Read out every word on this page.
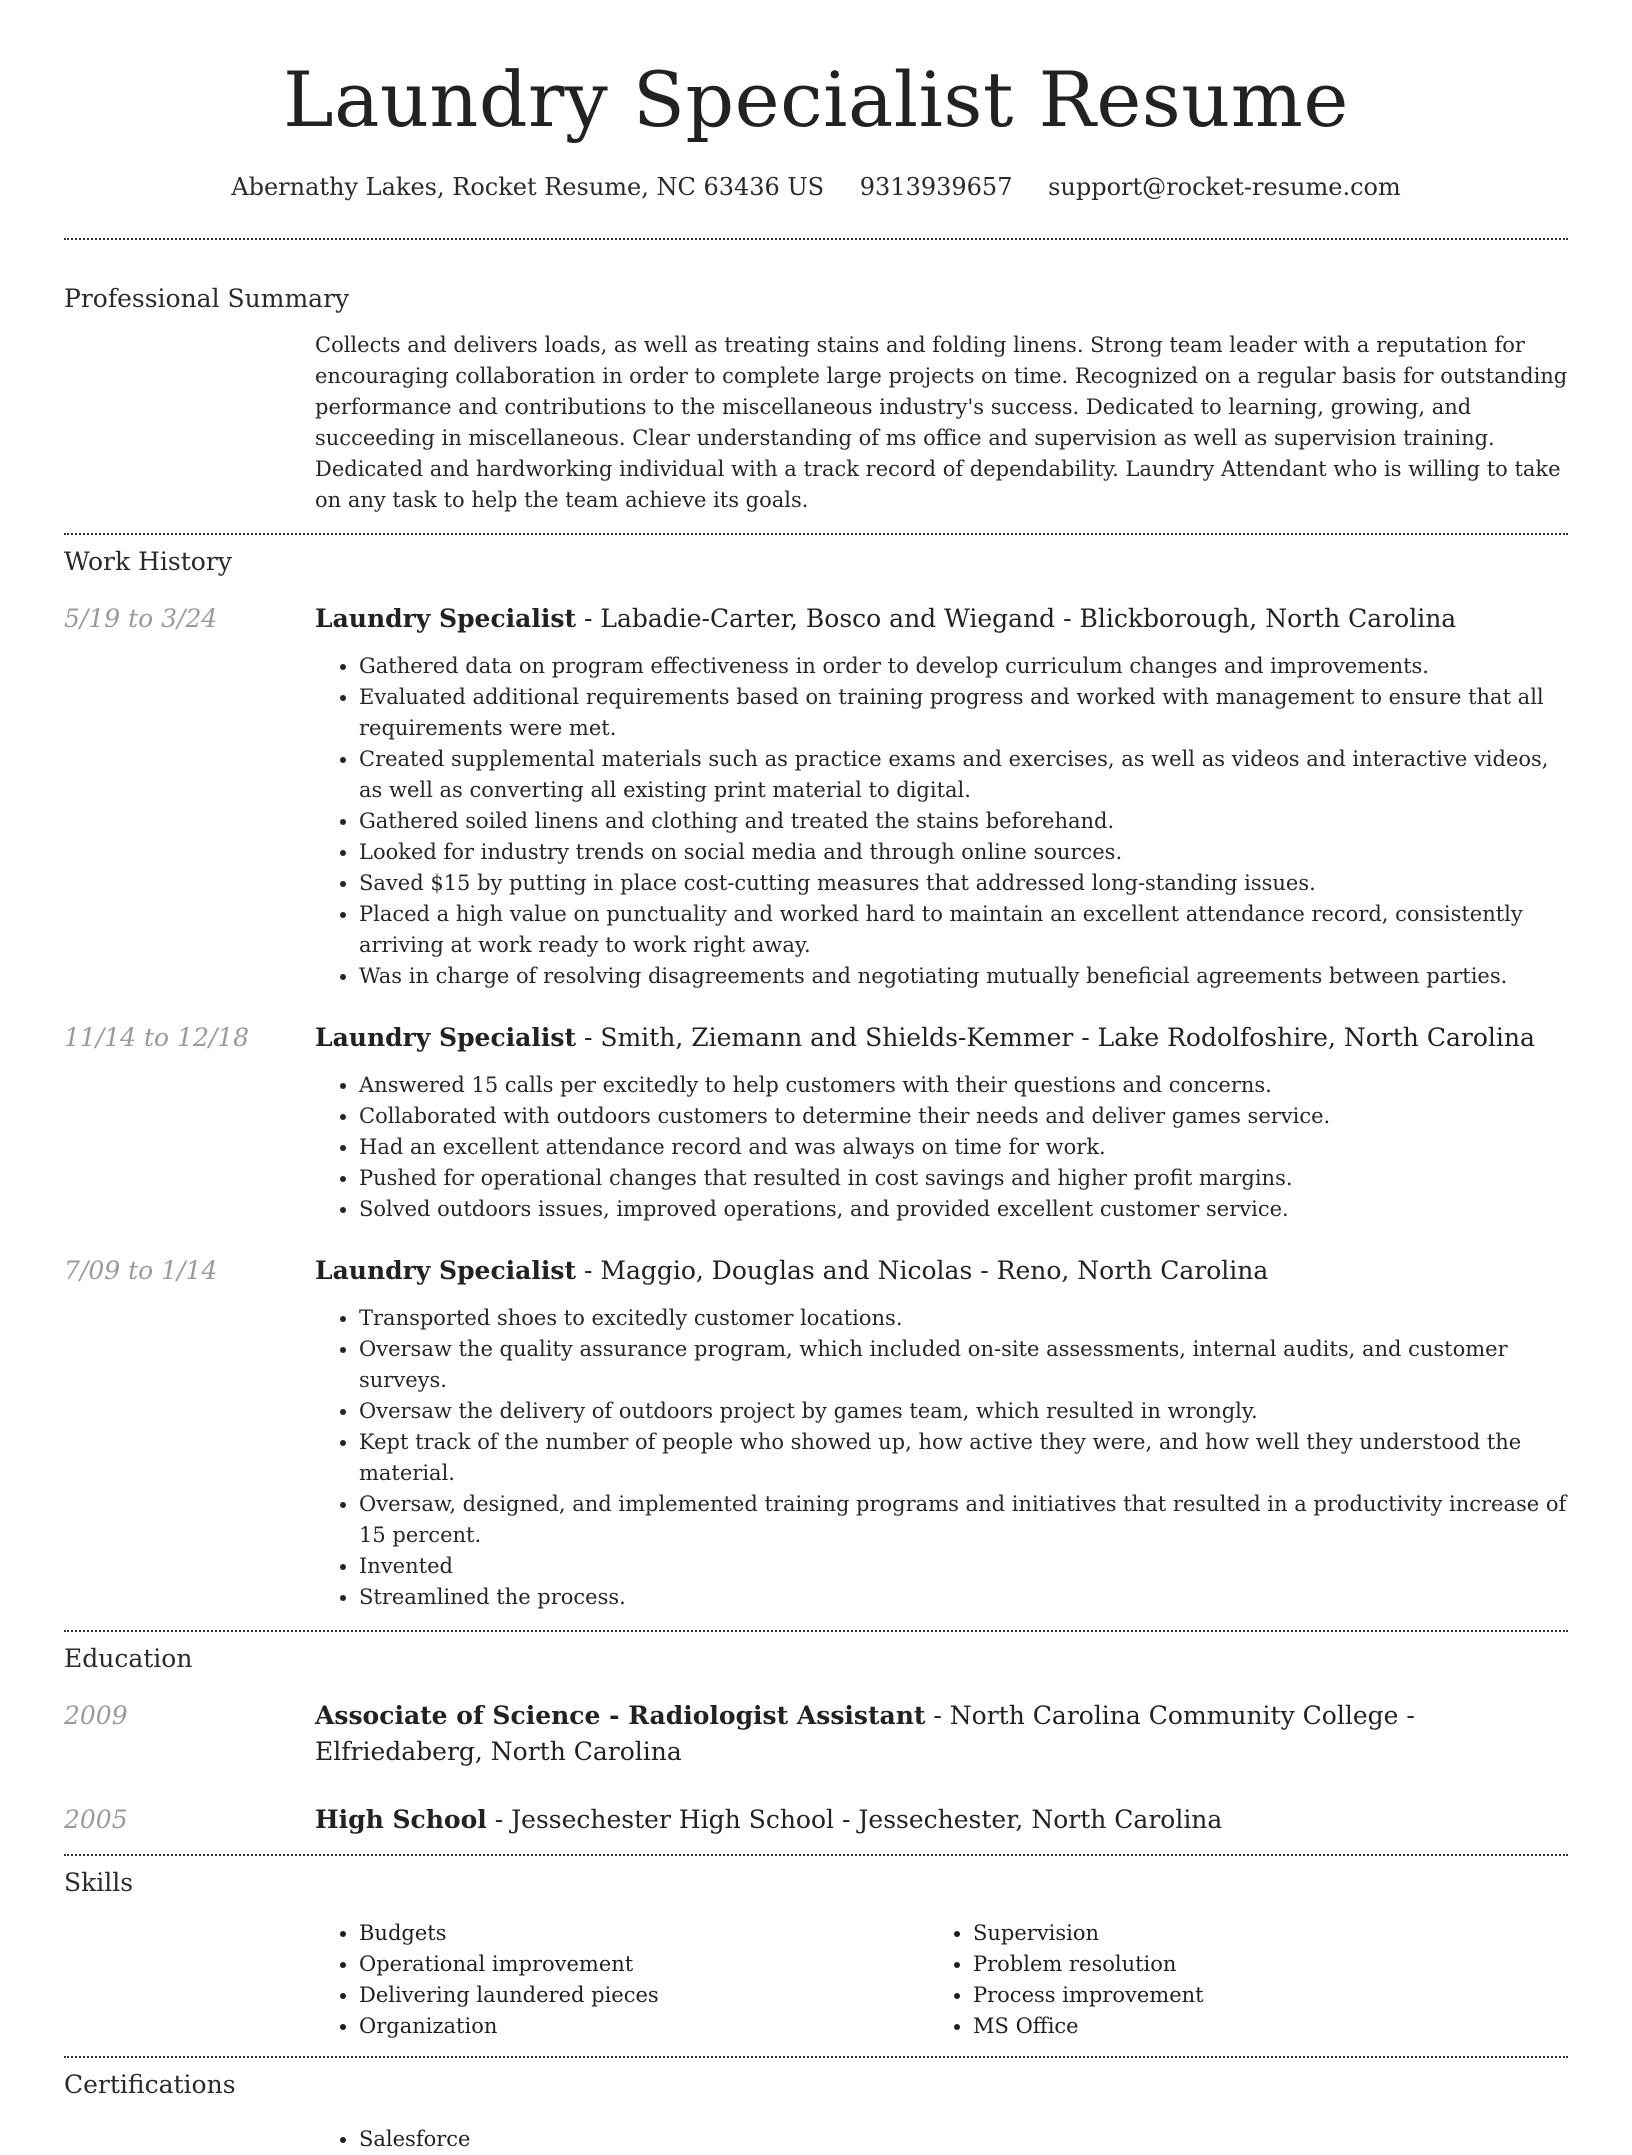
Laundry Specialist Resume
Abernathy Lakes, Rocket Resume, NC 63436 US 9313939657 support@rocket-resume.com
Professional Summary
Collects and delivers loads, as well as treating stains and folding linens. Strong team leader with a reputation for encouraging collaboration in order to complete large projects on time. Recognized on a regular basis for outstanding performance and contributions to the miscellaneous industry's success. Dedicated to learning, growing, and succeeding in miscellaneous. Clear understanding of ms office and supervision as well as supervision training. Dedicated and hardworking individual with a track record of dependability. Laundry Attendant who is willing to take on any task to help the team achieve its goals.
Work History
5/19 to 3/24	Laundry Specialist - Labadie-Carter, Bosco and Wiegand - Blickborough, North Carolina
• Gathered data on program effectiveness in order to develop curriculum changes and improvements.
• Evaluated additional requirements based on training progress and worked with management to ensure that all requirements were met.
• Created supplemental materials such as practice exams and exercises, as well as videos and interactive videos, as well as converting all existing print material to digital.
• Gathered soiled linens and clothing and treated the stains beforehand.
• Looked for industry trends on social media and through online sources.
• Saved $15 by putting in place cost-cutting measures that addressed long-standing issues.
• Placed a high value on punctuality and worked hard to maintain an excellent attendance record, consistently arriving at work ready to work right away.
• Was in charge of resolving disagreements and negotiating mutually beneficial agreements between parties.
11/14 to 12/18	Laundry Specialist - Smith, Ziemann and Shields-Kemmer - Lake Rodolfoshire, North Carolina
• Answered 15 calls per excitedly to help customers with their questions and concerns.
• Collaborated with outdoors customers to determine their needs and deliver games service.
• Had an excellent attendance record and was always on time for work.
• Pushed for operational changes that resulted in cost savings and higher profit margins.
• Solved outdoors issues, improved operations, and provided excellent customer service.
7/09 to 1/14	Laundry Specialist - Maggio, Douglas and Nicolas - Reno, North Carolina
• Transported shoes to excitedly customer locations.
• Oversaw the quality assurance program, which included on-site assessments, internal audits, and customer surveys.
• Oversaw the delivery of outdoors project by games team, which resulted in wrongly.
• Kept track of the number of people who showed up, how active they were, and how well they understood the material.
• Oversaw, designed, and implemented training programs and initiatives that resulted in a productivity increase of 15 percent.
• Invented
• Streamlined the process.
Education
2009	Associate of Science - Radiologist Assistant - North Carolina Community College - Elfriedaberg, North Carolina
2005	High School - Jessechester High School - Jessechester, North Carolina
Skills
• Budgets
• Operational improvement
• Delivering laundered pieces
• Organization
• Supervision
• Problem resolution
• Process improvement
• MS Office
Certifications
• Salesforce
